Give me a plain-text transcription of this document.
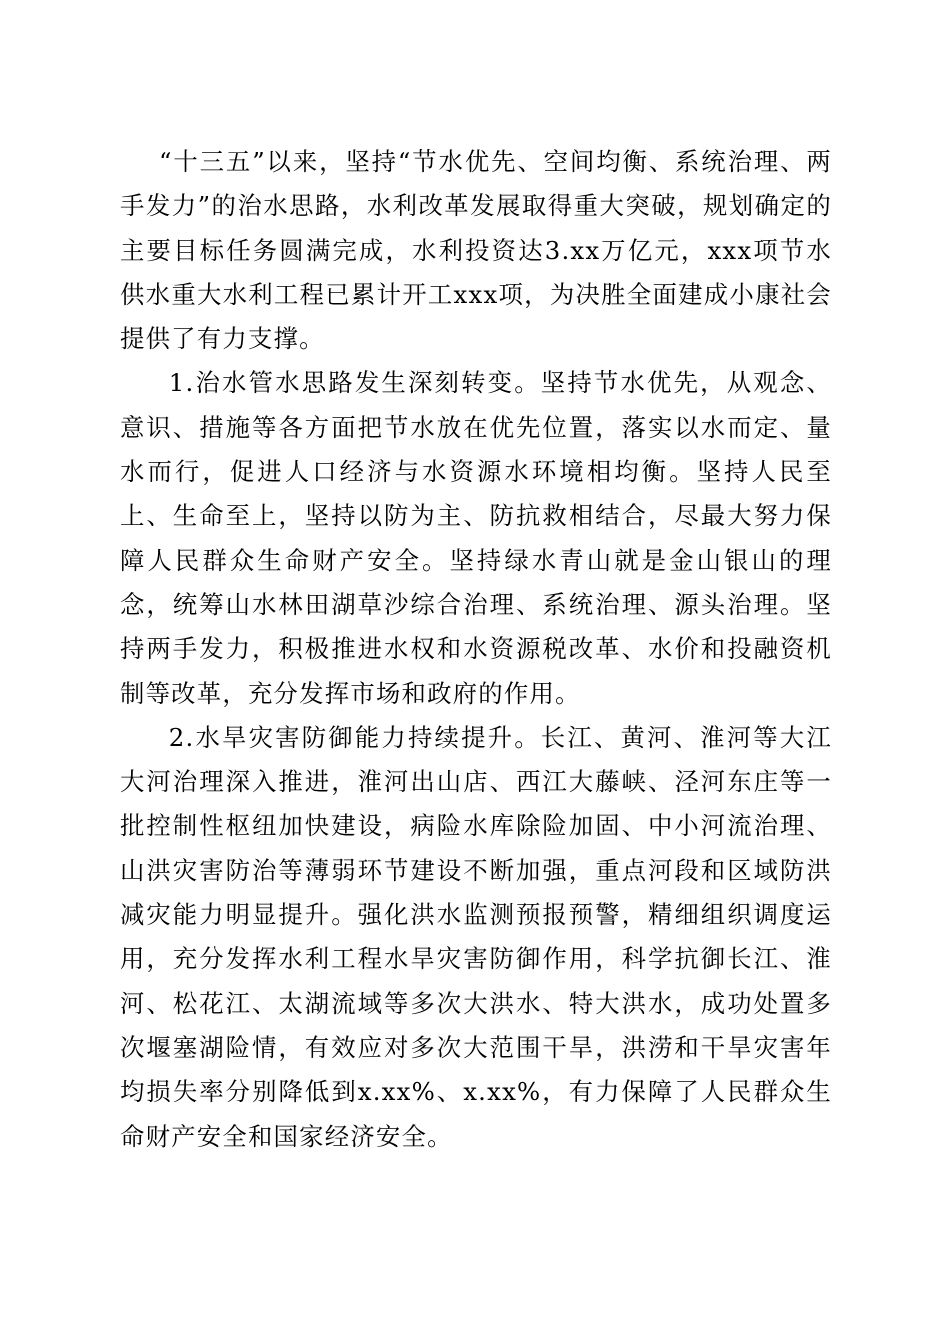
“十三五”以来，坚持“节水优先、空间均衡、系统治理、两手发力”的治水思路，水利改革发展取得重大突破，规划确定的主要目标任务圆满完成，水利投资达3.xx万亿元，xxx项节水供水重大水利工程已累计开工xxx项，为决胜全面建成小康社会提供了有力支撑。

1.治水管水思路发生深刻转变。坚持节水优先，从观念、意识、措施等各方面把节水放在优先位置，落实以水而定、量水而行，促进人口经济与水资源水环境相均衡。坚持人民至上、生命至上，坚持以防为主、防抗救相结合，尽最大努力保障人民群众生命财产安全。坚持绿水青山就是金山银山的理念，统筹山水林田湖草沙综合治理、系统治理、源头治理。坚持两手发力，积极推进水权和水资源税改革、水价和投融资机制等改革，充分发挥市场和政府的作用。

2.水旱灾害防御能力持续提升。长江、黄河、淮河等大江大河治理深入推进，淮河出山店、西江大藤峡、泾河东庄等一批控制性枢纽加快建设，病险水库除险加固、中小河流治理、山洪灾害防治等薄弱环节建设不断加强，重点河段和区域防洪减灾能力明显提升。强化洪水监测预报预警，精细组织调度运用，充分发挥水利工程水旱灾害防御作用，科学抗御长江、淮河、松花江、太湖流域等多次大洪水、特大洪水，成功处置多次堰塞湖险情，有效应对多次大范围干旱，洪涝和干旱灾害年均损失率分别降低到x.xx%、x.xx%，有力保障了人民群众生命财产安全和国家经济安全。
